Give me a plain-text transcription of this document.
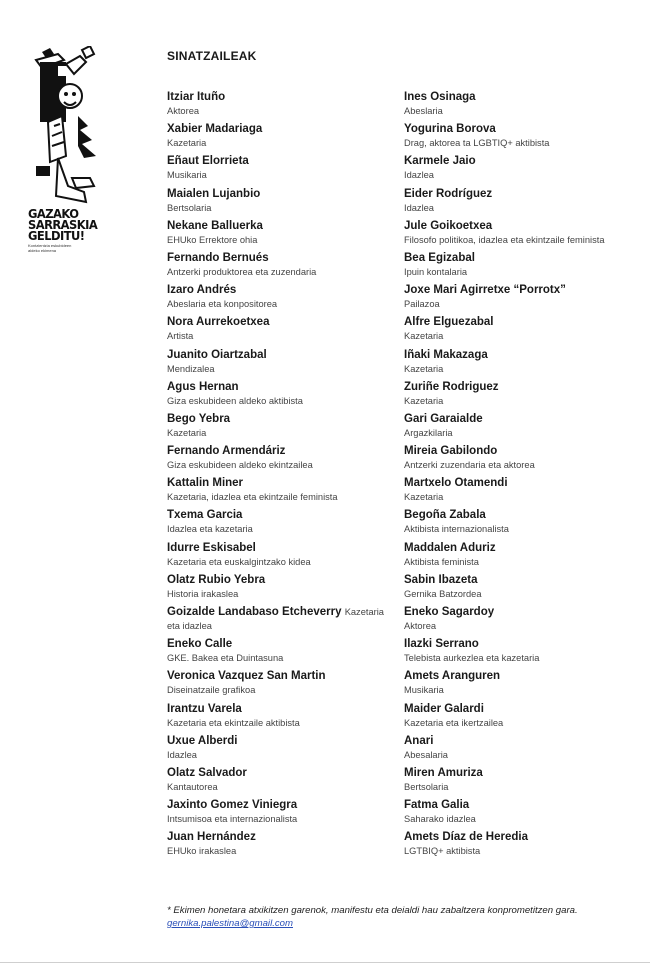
GAZAKO
SARRASKIA
GELDITU!
Kontzientzia eskubideen aldeko ekimena
SINATZAILEAK
Itziar Ituño
Aktorea
Xabier Madariaga
Kazetaria
Eñaut Elorrieta
Musikaria
Maialen Lujanbio
Bertsolaria
Nekane Balluerka
EHUko Errektore ohia
Fernando Bernués
Antzerki produktorea eta zuzendaria
Izaro Andrés
Abeslaria eta konpositorea
Nora Aurrekoetxea
Artista
Juanito Oiartzabal
Mendizalea
Agus Hernan
Giza eskubideen aldeko aktibista
Bego Yebra
Kazetaria
Fernando Armendáriz
Giza eskubideen aldeko ekintzailea
Kattalin Miner
Kazetaria, idazlea eta ekintzaile feminista
Txema Garcia
Idazlea eta kazetaria
Idurre Eskisabel
Kazetaria eta euskalgintzako kidea
Olatz Rubio Yebra
Historia irakaslea
Goizalde Landabaso Etcheverry Kazetaria
eta idazlea
Eneko Calle
GKE. Bakea eta Duintasuna
Veronica Vazquez San Martin
Diseinatzaile grafikoa
Irantzu Varela
Kazetaria eta ekintzaile aktibista
Uxue Alberdi
Idazlea
Olatz Salvador
Kantautorea
Jaxinto Gomez Viniegra
Intsumisoa eta internazionalista
Juan Hernández
EHUko irakaslea
Ines Osinaga
Abeslaria
Yogurina Borova
Drag, aktorea ta LGBTIQ+ aktibista
Karmele Jaio
Idazlea
Eider Rodríguez
Idazlea
Jule Goikoetxea
Filosofo politikoa, idazlea eta ekintzaile feminista
Bea Egizabal
Ipuin kontalaria
Joxe Mari Agirretxe “Porrotx”
Pailazoa
Alfre Elguezabal
Kazetaria
Iñaki Makazaga
Kazetaria
Zuriñe Rodriguez
Kazetaria
Gari Garaialde
Argazkilaria
Mireia Gabilondo
Antzerki zuzendaria eta aktorea
Martxelo Otamendi
Kazetaria
Begoña Zabala
Aktibista internazionalista
Maddalen Aduriz
Aktibista feminista
Sabin Ibazeta
Gernika Batzordea
Eneko Sagardoy
Aktorea
Ilazki Serrano
Telebista aurkezlea eta kazetaria
Amets Aranguren
Musikaria
Maider Galardi
Kazetaria eta ikertzailea
Anari
Abesalaria
Miren Amuriza
Bertsolaria
Fatma Galia
Saharako idazlea
Amets Díaz de Heredia
LGTBIQ+ aktibista
* Ekimen honetara atxikitzen garenok, manifestu eta deialdi hau zabaltzera konprometitzen gara. gernika.palestina@gmail.com
